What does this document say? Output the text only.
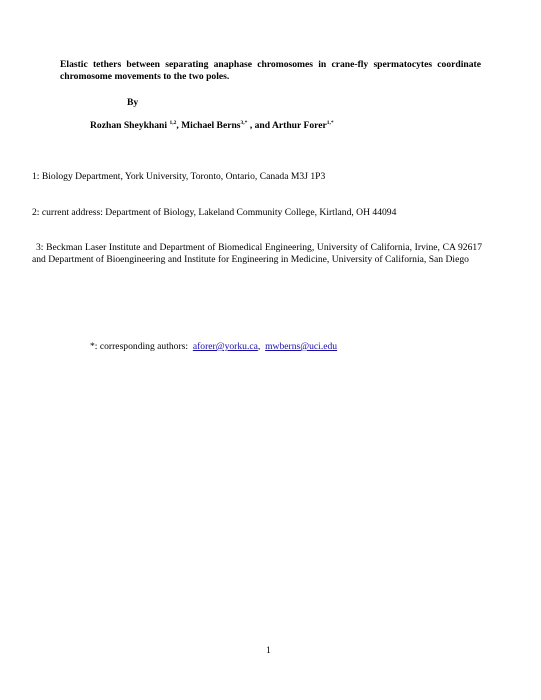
Elastic tethers between separating anaphase chromosomes in crane-fly spermatocytes coordinate chromosome movements to the two poles.
By
Rozhan Sheykhani $^{1,2}$, Michael Berns$^{3,*}$ , and Arthur Forer$^{1,*}$
1: Biology Department, York University, Toronto, Ontario, Canada M3J 1P3
2: current address: Department of Biology, Lakeland Community College, Kirtland, OH 44094
3: Beckman Laser Institute and Department of Biomedical Engineering, University of California, Irvine, CA 92617 and Department of Bioengineering and Institute for Engineering in Medicine, University of California, San Diego
*: corresponding authors: aforer@yorku.ca, mwberns@uci.edu
1
